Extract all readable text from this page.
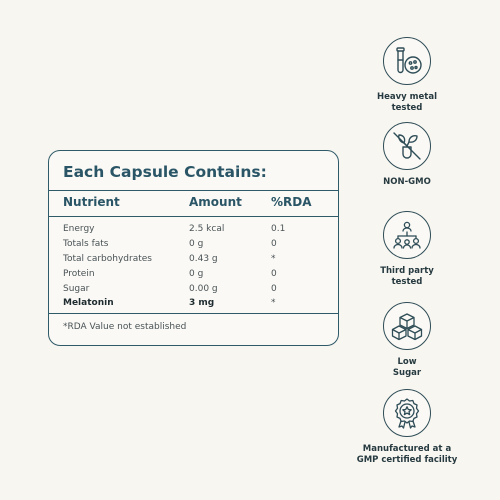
Each Capsule Contains:
Nutrient	Amount %RDA
Energy	2.5 kcal	0.1
Totals fats	0 g	0
Total carbohydrates	0.43 g	*
Protein	0 g	0
Sugar	0.00 g	0
Melatonin	3 mg	*
*RDA Value not established
Heavy metal
tested
NON-GMO
Third party
tested
Low
Sugar
Manufactured at a
GMP certified facility
